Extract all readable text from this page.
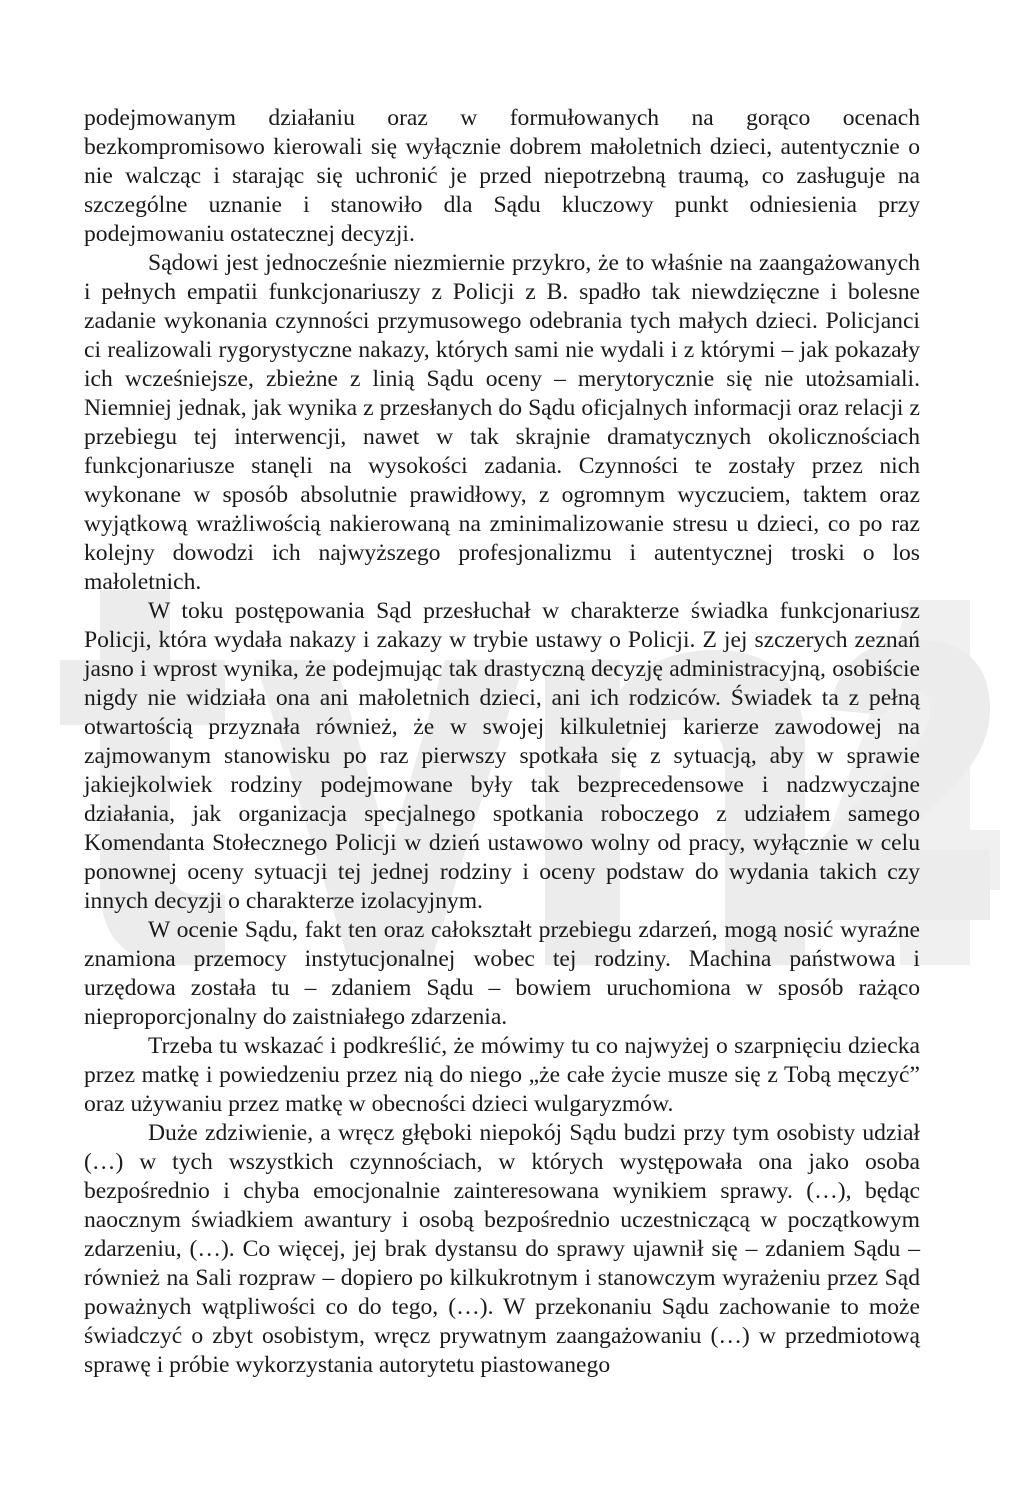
podejmowanym działaniu oraz w formułowanych na gorąco ocenach bezkompromisowo kierowali się wyłącznie dobrem małoletnich dzieci, autentycznie o nie walcząc i starając się uchronić je przed niepotrzebną traumą, co zasługuje na szczególne uznanie i stanowiło dla Sądu kluczowy punkt odniesienia przy podejmowaniu ostatecznej decyzji.

Sądowi jest jednocześnie niezmiernie przykro, że to właśnie na zaangażowanych i pełnych empatii funkcjonariuszy z Policji z B. spadło tak niewdzięczne i bolesne zadanie wykonania czynności przymusowego odebrania tych małych dzieci. Policjanci ci realizowali rygorystyczne nakazy, których sami nie wydali i z którymi – jak pokazały ich wcześniejsze, zbieżne z linią Sądu oceny – merytorycznie się nie utożsamiali. Niemniej jednak, jak wynika z przesłanych do Sądu oficjalnych informacji oraz relacji z przebiegu tej interwencji, nawet w tak skrajnie dramatycznych okolicznościach funkcjonariusze stanęli na wysokości zadania. Czynności te zostały przez nich wykonane w sposób absolutnie prawidłowy, z ogromnym wyczuciem, taktem oraz wyjątkową wrażliwością nakierowaną na zminimalizowanie stresu u dzieci, co po raz kolejny dowodzi ich najwyższego profesjonalizmu i autentycznej troski o los małoletnich.

W toku postępowania Sąd przesłuchał w charakterze świadka funkcjonariusz Policji, która wydała nakazy i zakazy w trybie ustawy o Policji. Z jej szczerych zeznań jasno i wprost wynika, że podejmując tak drastyczną decyzję administracyjną, osobiście nigdy nie widziała ona ani małoletnich dzieci, ani ich rodziców. Świadek ta z pełną otwartością przyznała również, że w swojej kilkuletniej karierze zawodowej na zajmowanym stanowisku po raz pierwszy spotkała się z sytuacją, aby w sprawie jakiejkolwiek rodziny podejmowane były tak bezprecedensowe i nadzwyczajne działania, jak organizacja specjalnego spotkania roboczego z udziałem samego Komendanta Stołecznego Policji w dzień ustawowo wolny od pracy, wyłącznie w celu ponownej oceny sytuacji tej jednej rodziny i oceny podstaw do wydania takich czy innych decyzji o charakterze izolacyjnym.

W ocenie Sądu, fakt ten oraz całokształt przebiegu zdarzeń, mogą nosić wyraźne znamiona przemocy instytucjonalnej wobec tej rodziny. Machina państwowa i urzędowa została tu – zdaniem Sądu – bowiem uruchomiona w sposób rażąco nieproporcjonalny do zaistniałego zdarzenia.

Trzeba tu wskazać i podkreślić, że mówimy tu co najwyżej o szarpnięciu dziecka przez matkę i powiedzeniu przez nią do niego „że całe życie musze się z Tobą męczyć” oraz używaniu przez matkę w obecności dzieci wulgaryzmów.

Duże zdziwienie, a wręcz głęboki niepokój Sądu budzi przy tym osobisty udział (…) w tych wszystkich czynnościach, w których występowała ona jako osoba bezpośrednio i chyba emocjonalnie zainteresowana wynikiem sprawy. (…), będąc naocznym świadkiem awantury i osobą bezpośrednio uczestniczącą w początkowym zdarzeniu, (…). Co więcej, jej brak dystansu do sprawy ujawnił się – zdaniem Sądu – również na Sali rozpraw – dopiero po kilkukrotnym i stanowczym wyrażeniu przez Sąd poważnych wątpliwości co do tego, (…). W przekonaniu Sądu zachowanie to może świadczyć o zbyt osobistym, wręcz prywatnym zaangażowaniu (…) w przedmiotową sprawę i próbie wykorzystania autorytetu piastowanego
